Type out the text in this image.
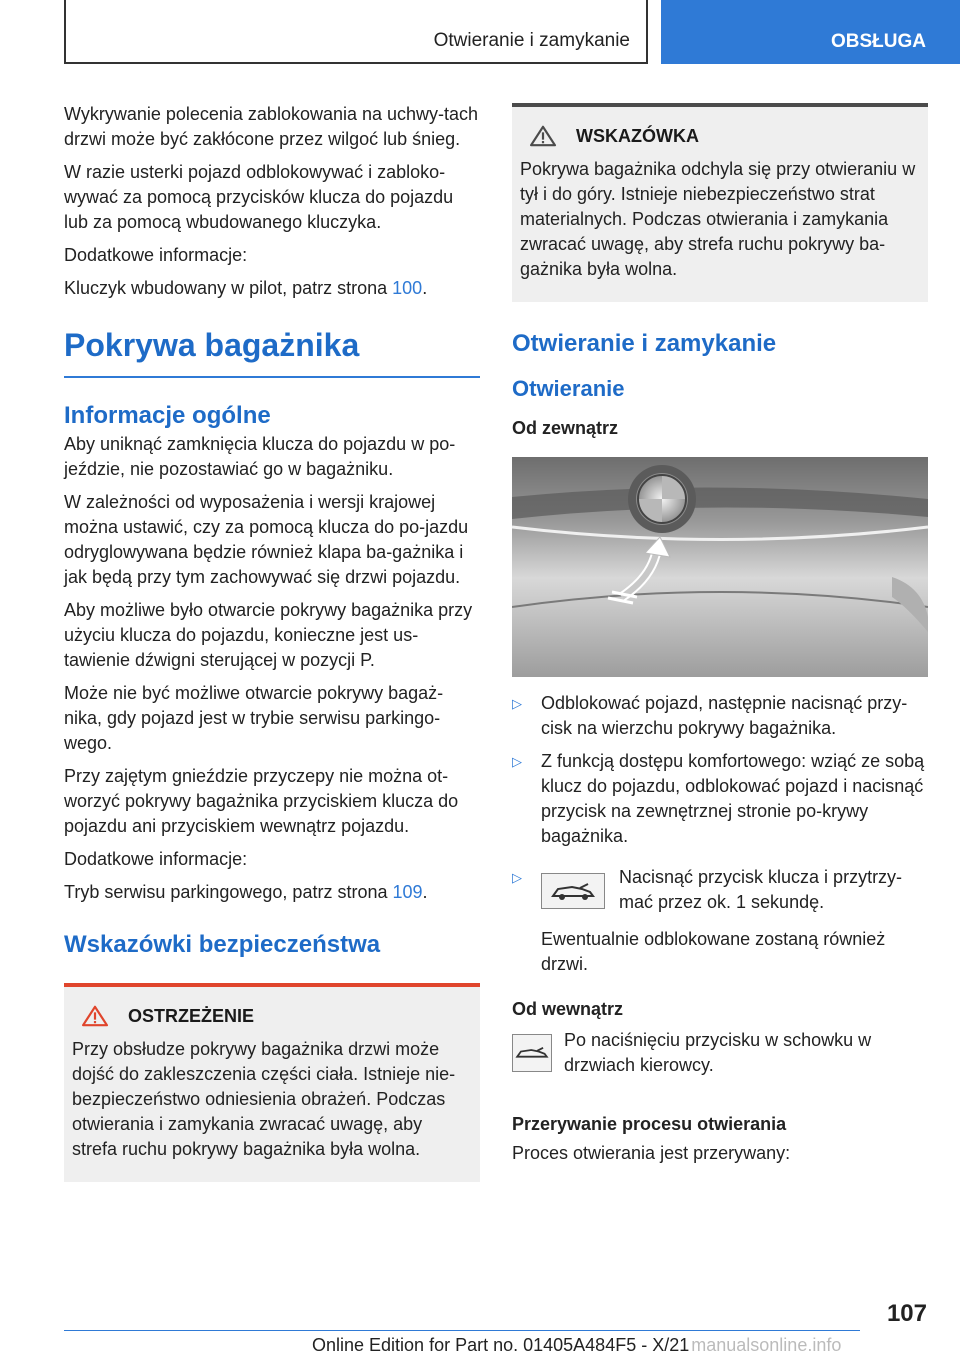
Otwieranie i zamykanie	OBSŁUGA

Wykrywanie polecenia zablokowania na uchwy-tach drzwi może być zakłócone przez wilgoć lub śnieg.

W razie usterki pojazd odblokowywać i zabloko-wywać za pomocą przycisków klucza do pojazdu lub za pomocą wbudowanego kluczyka.

Dodatkowe informacje:

Kluczyk wbudowany w pilot, patrz strona 100.

Pokrywa bagażnika
Informacje ogólne

Aby uniknąć zamknięcia klucza do pojazdu w po-jeździe, nie pozostawiać go w bagażniku.

W zależności od wyposażenia i wersji krajowej można ustawić, czy za pomocą klucza do po-jazdu odryglowywana będzie również klapa ba-gażnika i jak będą przy tym zachowywać się drzwi pojazdu.

Aby możliwe było otwarcie pokrywy bagażnika przy użyciu klucza do pojazdu, konieczne jest us-tawienie dźwigni sterującej w pozycji P.

Może nie być możliwe otwarcie pokrywy bagaż-nika, gdy pojazd jest w trybie serwisu parkingo-wego.

Przy zajętym gnieździe przyczepy nie można ot-worzyć pokrywy bagażnika przyciskiem klucza do pojazdu ani przyciskiem wewnątrz pojazdu.

Dodatkowe informacje:

Tryb serwisu parkingowego, patrz strona 109.

Wskazówki bezpieczeństwa
OSTRZEŻENIE

Przy obsłudze pokrywy bagażnika drzwi może dojść do zakleszczenia części ciała. Istnieje nie-bezpieczeństwo odniesienia obrażeń. Podczas otwierania i zamykania zwracać uwagę, aby strefa ruchu pokrywy bagażnika była wolna.

WSKAZÓWKA

Pokrywa bagażnika odchyla się przy otwieraniu w tył i do góry. Istnieje niebezpieczeństwo strat materialnych. Podczas otwierania i zamykania zwracać uwagę, aby strefa ruchu pokrywy ba-gażnika była wolna.

Otwieranie i zamykanie
Otwieranie
Od zewnątrz
▷ Odblokować pojazd, następnie nacisnąć przy-cisk na wierzchu pokrywy bagażnika.
▷ Z funkcją dostępu komfortowego: wziąć ze sobą klucz do pojazdu, odblokować pojazd i nacisnąć przycisk na zewnętrznej stronie po-krywy bagażnika.
▷	Nacisnąć przycisk klucza i przytrzy-mać przez ok. 1 sekundę.

Ewentualnie odblokowane zostaną również drzwi.

Od wewnątrz

Po naciśnięciu przycisku w schowku w drzwiach kierowcy.

Przerywanie procesu otwierania

Proces otwierania jest przerywany:

107
Online Edition for Part no. 01405A484F5 - X/21 manualsonline.info
